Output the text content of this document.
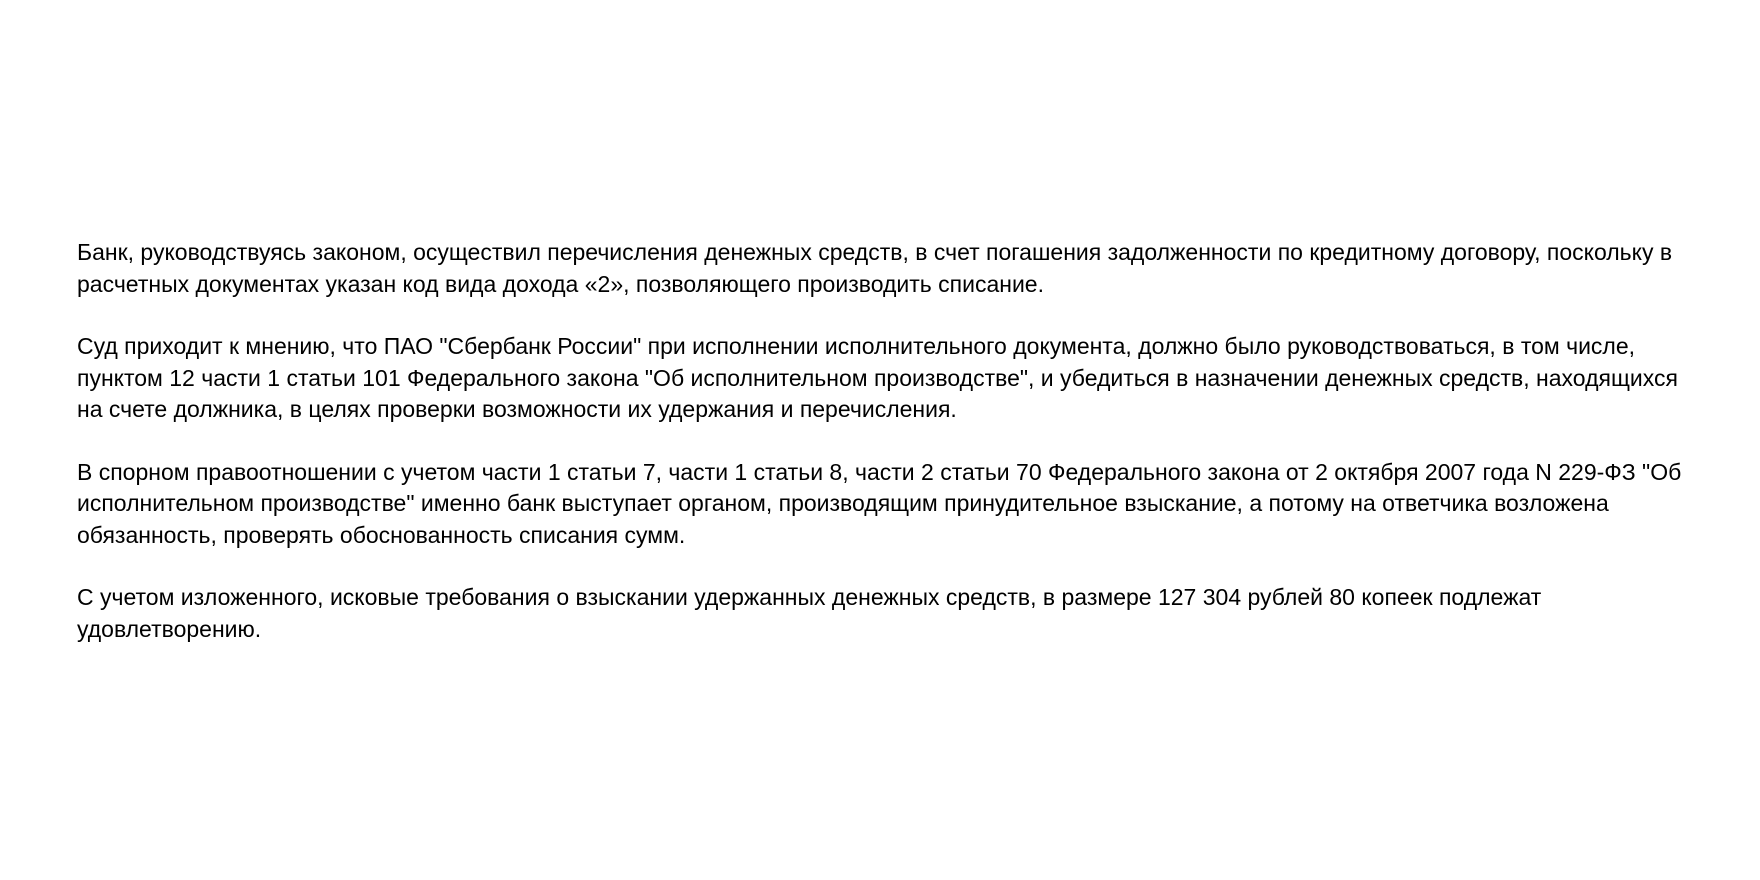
Банк, руководствуясь законом, осуществил перечисления денежных средств, в счет погашения задолженности по кредитному договору, поскольку в расчетных документах указан код вида дохода «2», позволяющего производить списание.

Суд приходит к мнению, что ПАО "Сбербанк России" при исполнении исполнительного документа, должно было руководствоваться, в том числе, пунктом 12 части 1 статьи 101 Федерального закона "Об исполнительном производстве", и убедиться в назначении денежных средств, находящихся на счете должника, в целях проверки возможности их удержания и перечисления.

В спорном правоотношении с учетом части 1 статьи 7, части 1 статьи 8, части 2 статьи 70 Федерального закона от 2 октября 2007 года N 229-ФЗ "Об исполнительном производстве" именно банк выступает органом, производящим принудительное взыскание, а потому на ответчика возложена обязанность, проверять обоснованность списания сумм.

С учетом изложенного, исковые требования о взыскании удержанных денежных средств, в размере 127 304 рублей 80 копеек подлежат удовлетворению.
